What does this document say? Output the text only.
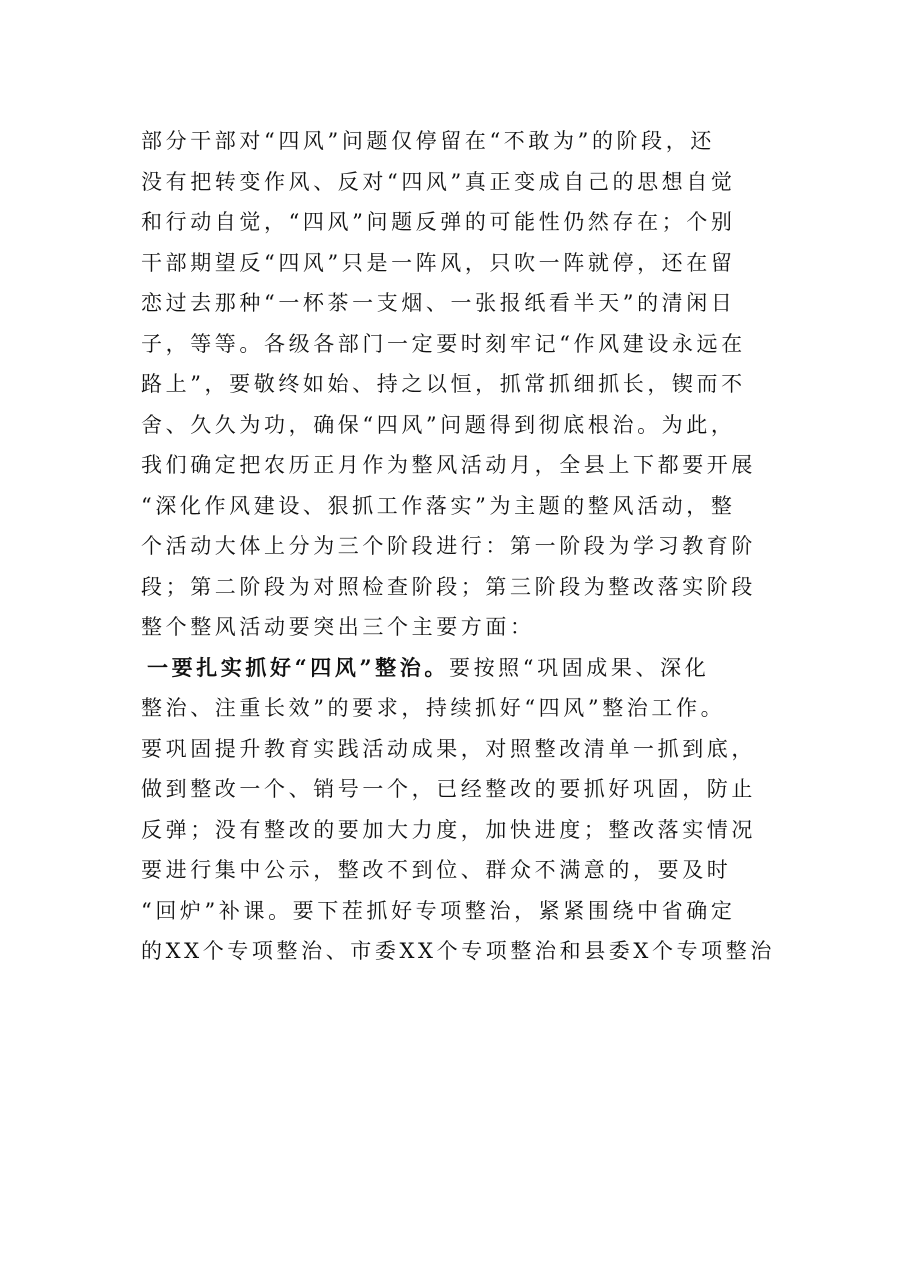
部分干部对“四风”问题仅停留在“不敢为”的阶段，还
没有把转变作风、反对“四风”真正变成自己的思想自觉
和行动自觉，“四风”问题反弹的可能性仍然存在；个别
干部期望反“四风”只是一阵风，只吹一阵就停，还在留
恋过去那种“一杯茶一支烟、一张报纸看半天”的清闲日
子，等等。各级各部门一定要时刻牢记“作风建设永远在
路上”，要敬终如始、持之以恒，抓常抓细抓长，锲而不
舍、久久为功，确保“四风”问题得到彻底根治。为此，
我们确定把农历正月作为整风活动月，全县上下都要开展
“深化作风建设、狠抓工作落实”为主题的整风活动，整
个活动大体上分为三个阶段进行：第一阶段为学习教育阶
段；第二阶段为对照检查阶段；第三阶段为整改落实阶段
整个整风活动要突出三个主要方面：
一要扎实抓好“四风”整治。要按照“巩固成果、深化
整治、注重长效”的要求，持续抓好“四风”整治工作。
要巩固提升教育实践活动成果，对照整改清单一抓到底，
做到整改一个、销号一个，已经整改的要抓好巩固，防止
反弹；没有整改的要加大力度，加快进度；整改落实情况
要进行集中公示，整改不到位、群众不满意的，要及时
“回炉”补课。要下茬抓好专项整治，紧紧围绕中省确定
的XX个专项整治、市委XX个专项整治和县委X个专项整治
